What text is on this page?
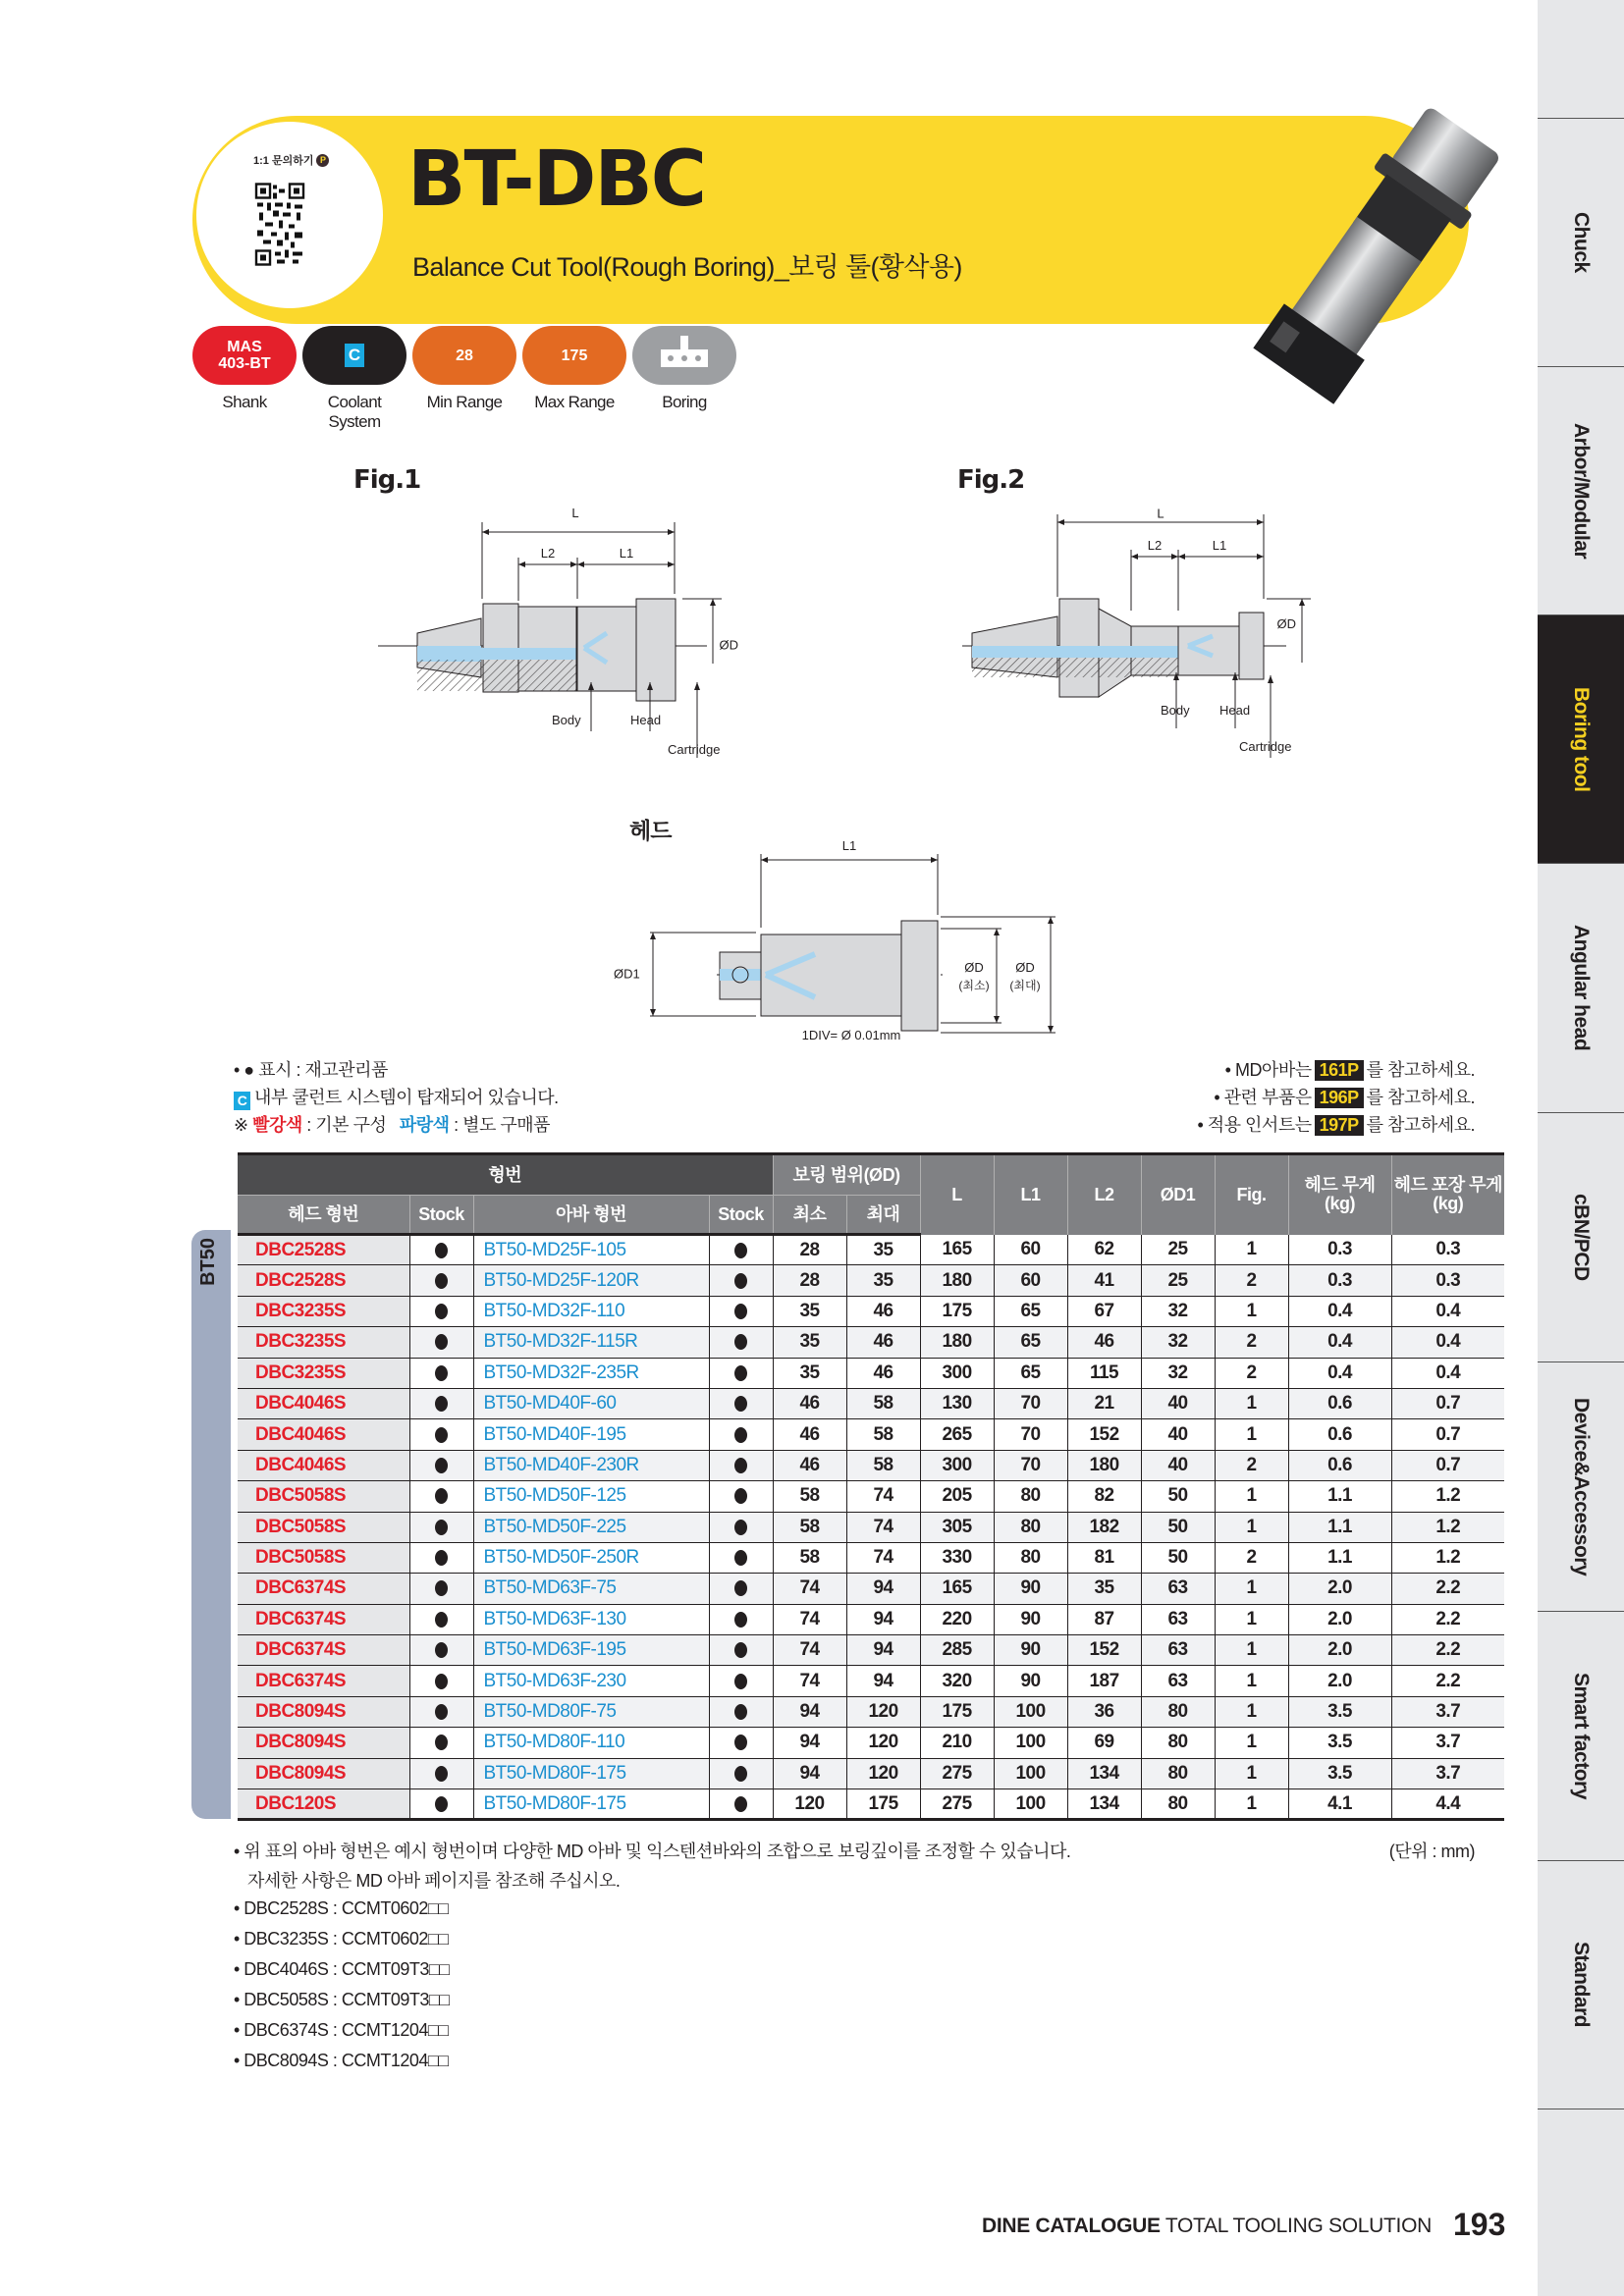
Chuck
Arbor/Modular
Boring tool
Angular head
cBN/PCD
Device&Accessory
Smart factory
Standard
1:1 문의하기 P BT-DBC
Balance Cut Tool(Rough Boring)_보링 툴(황삭용)
MAS
403-BT
Shank
C
Coolant System
28
Min Range
175
Max Range	Boring
Fig.1
ØD
L
L2	L1
Body	Head
Cartridge
Fig.2
L
L2	L1
ØD
Body Head
Cartridge
헤드
ØD1
L1
ØD
(최소)
ØD
(최대)
1DIV= Ø 0.01mm
• ● 표시 : 재고관리품
C 내부 쿨런트 시스템이 탑재되어 있습니다.
※ 빨강색 : 기본 구성 파랑색 : 별도 구매품
• MD아바는 161P 를 참고하세요.
• 관련 부품은 196P 를 참고하세요.
• 적용 인서트는 197P 를 참고하세요.
BT50
형번				보링 범위(ØD)		L	L1	L2	ØD1	Fig.	헤드 무게 (kg)	헤드 포장 무게 (kg)
헤드 형번	Stock	아바 형번	Stock	최소	최대							
DBC2528S		BT50-MD25F-105		28	35	165	60	62	25	1	0.3	0.3
DBC2528S		BT50-MD25F-120R		28	35	180	60	41	25	2	0.3	0.3
DBC3235S		BT50-MD32F-110		35	46	175	65	67	32	1	0.4	0.4
DBC3235S		BT50-MD32F-115R		35	46	180	65	46	32	2	0.4	0.4
DBC3235S		BT50-MD32F-235R		35	46	300	65	115	32	2	0.4	0.4
DBC4046S		BT50-MD40F-60		46	58	130	70	21	40	1	0.6	0.7
DBC4046S		BT50-MD40F-195		46	58	265	70	152	40	1	0.6	0.7
DBC4046S		BT50-MD40F-230R		46	58	300	70	180	40	2	0.6	0.7
DBC5058S		BT50-MD50F-125		58	74	205	80	82	50	1	1.1	1.2
DBC5058S		BT50-MD50F-225		58	74	305	80	182	50	1	1.1	1.2
DBC5058S		BT50-MD50F-250R		58	74	330	80	81	50	2	1.1	1.2
DBC6374S		BT50-MD63F-75		74	94	165	90	35	63	1	2.0	2.2
DBC6374S		BT50-MD63F-130		74	94	220	90	87	63	1	2.0	2.2
DBC6374S		BT50-MD63F-195		74	94	285	90	152	63	1	2.0	2.2
DBC6374S		BT50-MD63F-230		74	94	320	90	187	63	1	2.0	2.2
DBC8094S		BT50-MD80F-75		94	120	175	100	36	80	1	3.5	3.7
DBC8094S		BT50-MD80F-110		94	120	210	100	69	80	1	3.5	3.7
DBC8094S		BT50-MD80F-175		94	120	275	100	134	80	1	3.5	3.7
DBC120S		BT50-MD80F-175		120	175	275	100	134	80	1	4.1	4.4
• 위 표의 아바 형번은 예시 형번이며 다양한 MD 아바 및 익스텐션바와의 조합으로 보링깊이를 조정할 수 있습니다.	(단위 : mm)
자세한 사항은 MD 아바 페이지를 참조해 주십시오.
• DBC2528S : CCMT0602□□
• DBC3235S : CCMT0602□□
• DBC4046S : CCMT09T3□□
• DBC5058S : CCMT09T3□□
• DBC6374S : CCMT1204□□
• DBC8094S : CCMT1204□□
DINE CATALOGUE TOTAL TOOLING SOLUTION 193
